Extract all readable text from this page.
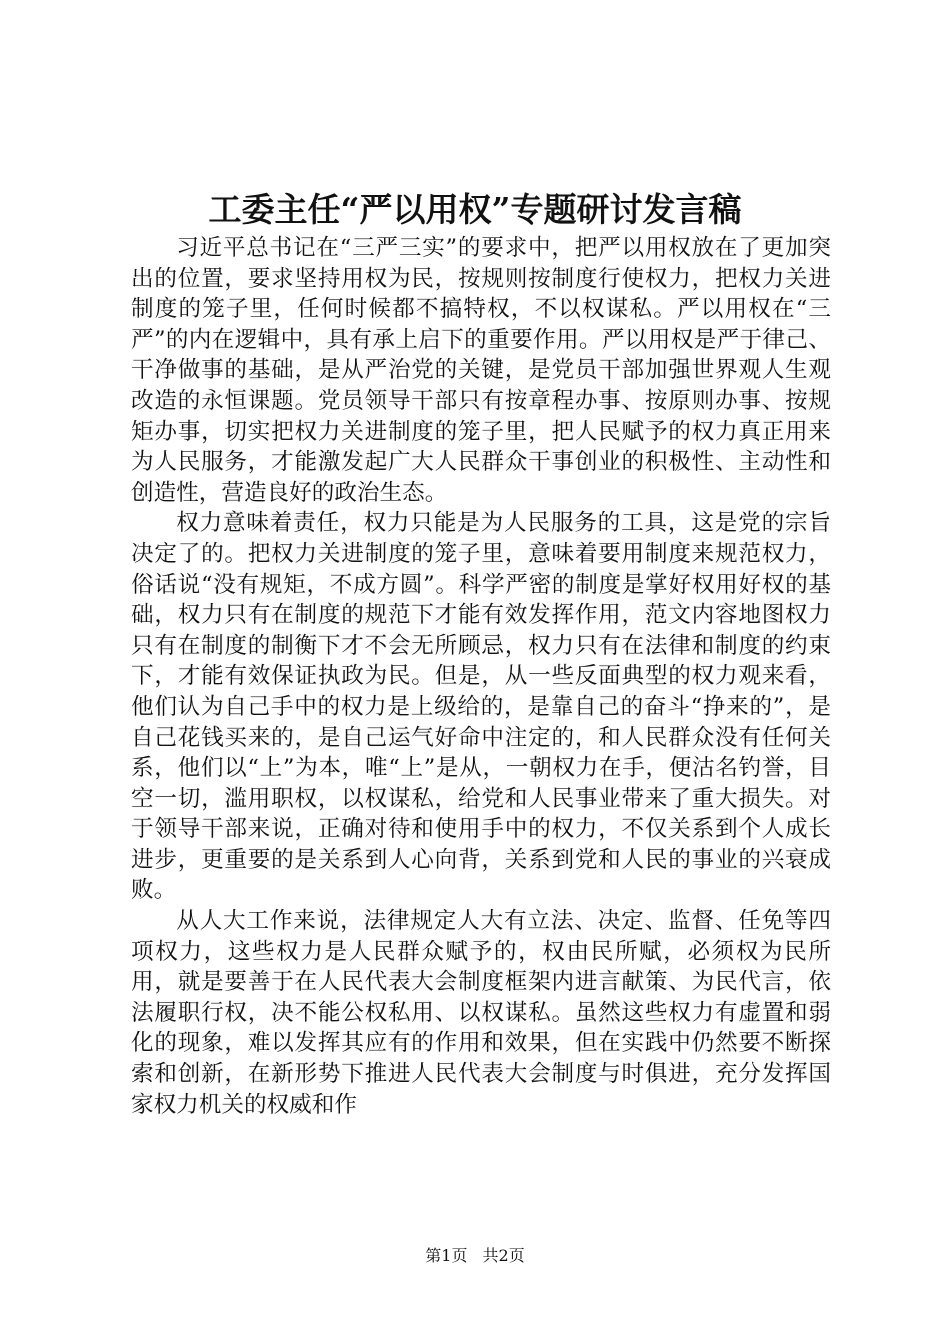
工委主任“严以用权”专题研讨发言稿

习近平总书记在“三严三实”的要求中，把严以用权放在了更加突出的位置，要求坚持用权为民，按规则按制度行使权力，把权力关进制度的笼子里，任何时候都不搞特权，不以权谋私。严以用权在“三严”的内在逻辑中，具有承上启下的重要作用。严以用权是严于律己、干净做事的基础，是从严治党的关键，是党员干部加强世界观人生观改造的永恒课题。党员领导干部只有按章程办事、按原则办事、按规矩办事，切实把权力关进制度的笼子里，把人民赋予的权力真正用来为人民服务，才能激发起广大人民群众干事创业的积极性、主动性和创造性，营造良好的政治生态。

权力意味着责任，权力只能是为人民服务的工具，这是党的宗旨决定了的。把权力关进制度的笼子里，意味着要用制度来规范权力，俗话说“没有规矩，不成方圆”。科学严密的制度是掌好权用好权的基础，权力只有在制度的规范下才能有效发挥作用，范文内容地图权力只有在制度的制衡下才不会无所顾忌，权力只有在法律和制度的约束下，才能有效保证执政为民。但是，从一些反面典型的权力观来看，他们认为自己手中的权力是上级给的，是靠自己的奋斗“挣来的”，是自己花钱买来的，是自己运气好命中注定的，和人民群众没有任何关系，他们以“上”为本，唯“上”是从，一朝权力在手，便沽名钓誉，目空一切，滥用职权，以权谋私，给党和人民事业带来了重大损失。对于领导干部来说，正确对待和使用手中的权力，不仅关系到个人成长进步，更重要的是关系到人心向背，关系到党和人民的事业的兴衰成败。

从人大工作来说，法律规定人大有立法、决定、监督、任免等四项权力，这些权力是人民群众赋予的，权由民所赋，必须权为民所用，就是要善于在人民代表大会制度框架内进言献策、为民代言，依法履职行权，决不能公权私用、以权谋私。虽然这些权力有虚置和弱化的现象，难以发挥其应有的作用和效果，但在实践中仍然要不断探索和创新，在新形势下推进人民代表大会制度与时俱进，充分发挥国家权力机关的权威和作

第1页 共2页
